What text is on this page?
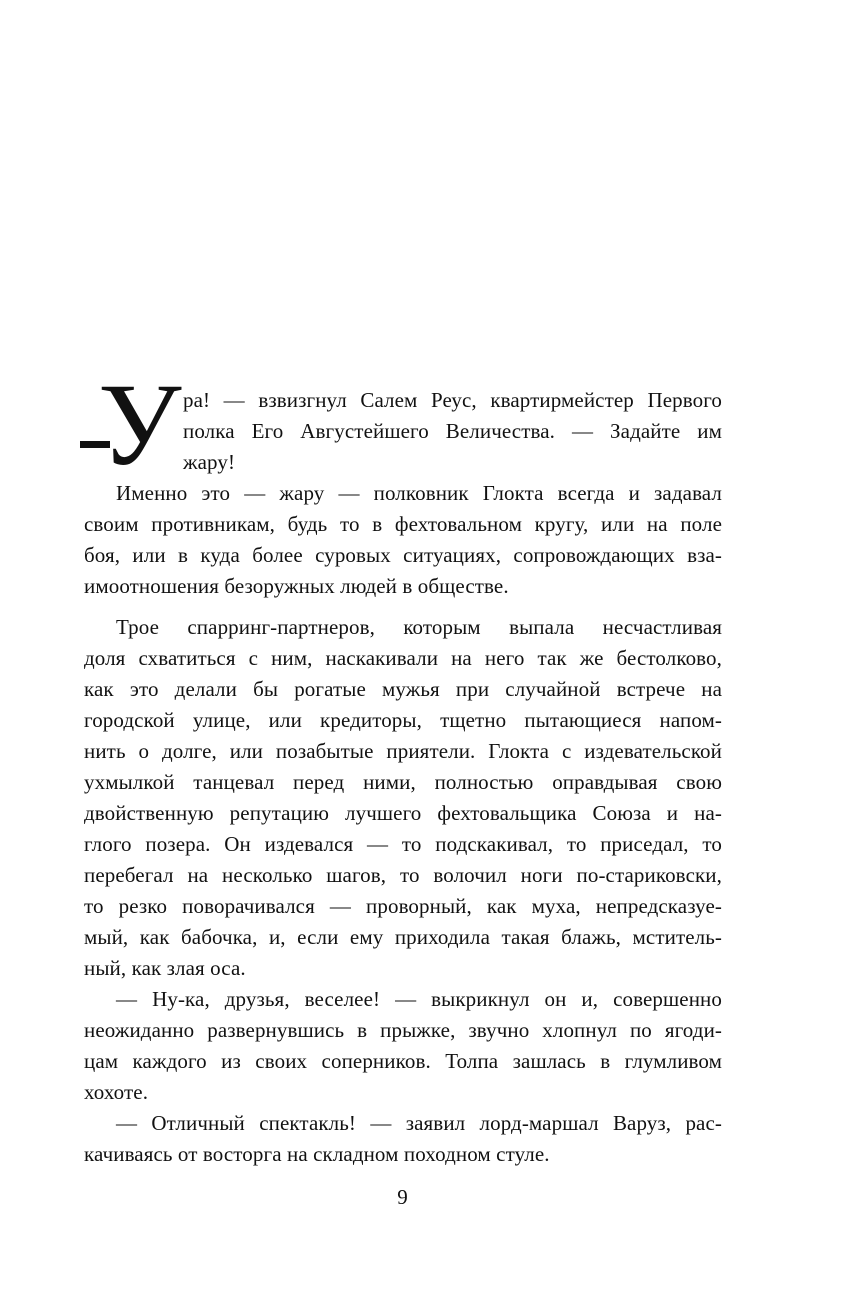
У ра! — взвизгнул Салем Реус, квартирмейстер Первого
полка Его Августейшего Величества. — Задайте им
жару!
Именно это — жару — полковник Глокта всегда и задавал
своим противникам, будь то в фехтовальном кругу, или на поле
боя, или в куда более суровых ситуациях, сопровождающих вза-
имоотношения безоружных людей в обществе.
Трое спарринг-партнеров, которым выпала несчастливая
доля схватиться с ним, наскакивали на него так же бестолково,
как это делали бы рогатые мужья при случайной встрече на
городской улице, или кредиторы, тщетно пытающиеся напом-
нить о долге, или позабытые приятели. Глокта с издевательской
ухмылкой танцевал перед ними, полностью оправдывая свою
двойственную репутацию лучшего фехтовальщика Союза и на-
глого позера. Он издевался — то подскакивал, то приседал, то
перебегал на несколько шагов, то волочил ноги по-стариковски,
то резко поворачивался — проворный, как муха, непредсказуе-
мый, как бабочка, и, если ему приходила такая блажь, мститель-
ный, как злая оса.
— Ну-ка, друзья, веселее! — выкрикнул он и, совершенно
неожиданно развернувшись в прыжке, звучно хлопнул по ягоди-
цам каждого из своих соперников. Толпа зашлась в глумливом
хохоте.
— Отличный спектакль! — заявил лорд-маршал Варуз, рас-
качиваясь от восторга на складном походном стуле.
9
